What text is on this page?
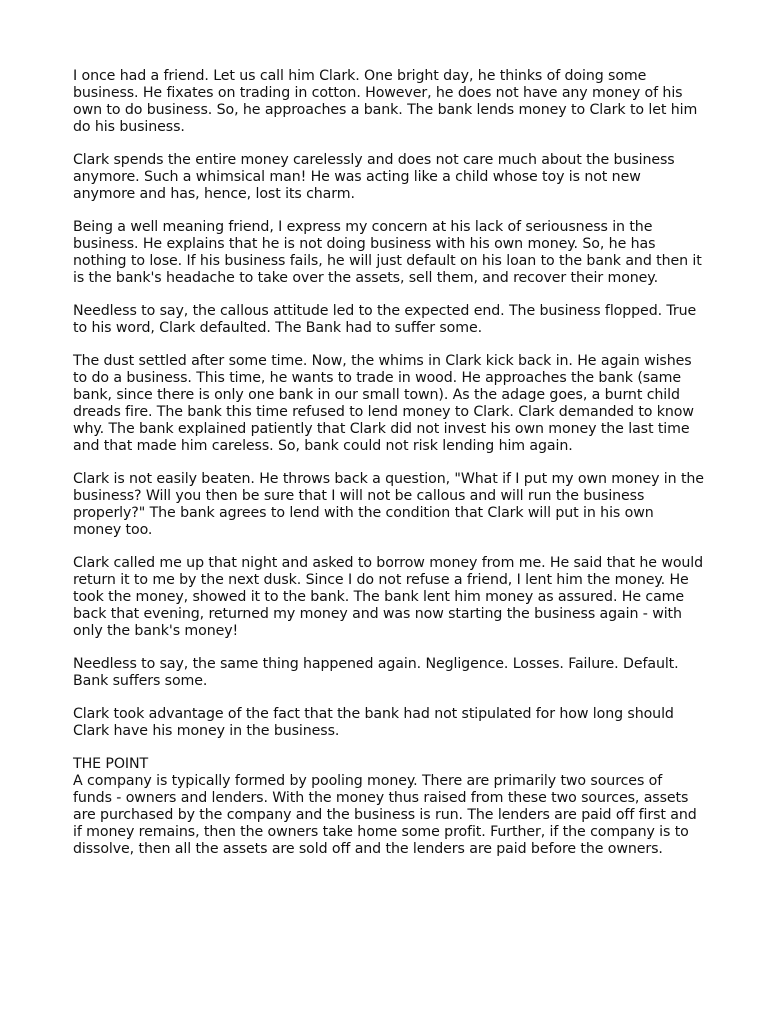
I once had a friend. Let us call him Clark. One bright day, he thinks of doing some business. He fixates on trading in cotton. However, he does not have any money of his own to do business. So, he approaches a bank. The bank lends money to Clark to let him do his business.

Clark spends the entire money carelessly and does not care much about the business anymore. Such a whimsical man! He was acting like a child whose toy is not new anymore and has, hence, lost its charm.

Being a well meaning friend, I express my concern at his lack of seriousness in the business. He explains that he is not doing business with his own money. So, he has nothing to lose. If his business fails, he will just default on his loan to the bank and then it is the bank's headache to take over the assets, sell them, and recover their money.

Needless to say, the callous attitude led to the expected end. The business flopped. True to his word, Clark defaulted. The Bank had to suffer some.

The dust settled after some time. Now, the whims in Clark kick back in. He again wishes to do a business. This time, he wants to trade in wood. He approaches the bank (same bank, since there is only one bank in our small town). As the adage goes, a burnt child dreads fire. The bank this time refused to lend money to Clark. Clark demanded to know why. The bank explained patiently that Clark did not invest his own money the last time and that made him careless. So, bank could not risk lending him again.

Clark is not easily beaten. He throws back a question, "What if I put my own money in the business? Will you then be sure that I will not be callous and will run the business properly?" The bank agrees to lend with the condition that Clark will put in his own money too.

Clark called me up that night and asked to borrow money from me. He said that he would return it to me by the next dusk. Since I do not refuse a friend, I lent him the money. He took the money, showed it to the bank. The bank lent him money as assured. He came back that evening, returned my money and was now starting the business again - with only the bank's money!

Needless to say, the same thing happened again. Negligence. Losses. Failure. Default. Bank suffers some.

Clark took advantage of the fact that the bank had not stipulated for how long should Clark have his money in the business.

THE POINT

A company is typically formed by pooling money. There are primarily two sources of funds - owners and lenders. With the money thus raised from these two sources, assets are purchased by the company and the business is run. The lenders are paid off first and if money remains, then the owners take home some profit. Further, if the company is to dissolve, then all the assets are sold off and the lenders are paid before the owners.
